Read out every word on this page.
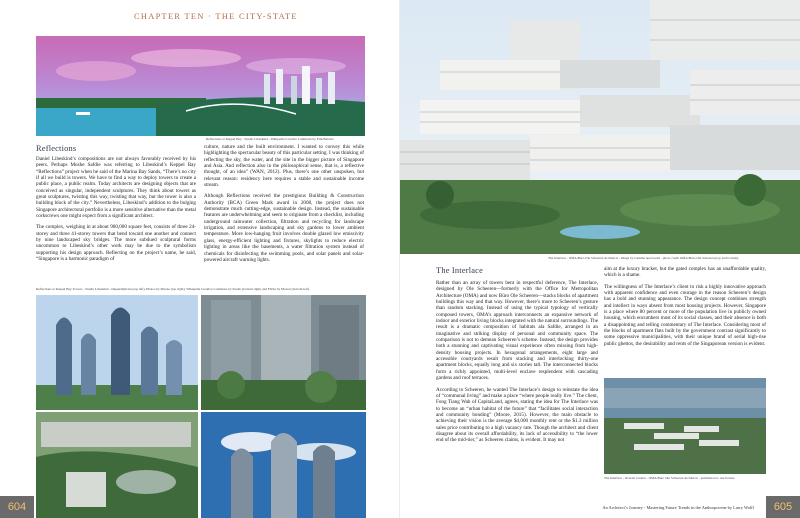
CHAPTER TEN · THE CITY-STATE
Reflections at Keppel Bay - Studio Libeskind - Wikipedia Creative Commons by Erik Baluvic
Reflections

Daniel Libeskind’s compositions are not always favorably received by his peers. Perhaps Moshe Safdie was referring to Libeskind’s Keppel Bay “Reflections” project when he said of the Marina Bay Sands, “There’s no city if all we build is towers. We have to find a way to deploy towers to create a public place, a public realm. Today architects are designing objects that are conceived as singular, independent sculptures. They think about towers as great sculptures, twisting this way, twisting that way, but the tower is also a building block of the city.” Nevertheless, Libeskind’s addition to the bulging Singapore architectural portfolio is a more sensitive alternative than the metal corkscrews one might expect from a significant architect.

The complex, weighing in at about 900,000 square feet, consists of three 24-storey and three 41-storey towers that bend toward one another and connect by nine landscaped sky bridges. The more subdued sculptural forms uncommon to Libeskind’s other work may be due to the symbolism supporting his design approach. Reflecting on the project’s name, he said, “Singapore is a harmonic paradigm of

culture, nature and the built environment. I wanted to convey this while highlighting the spectacular beauty of this particular setting. I was thinking of reflecting the sky, the water, and the site in the bigger picture of Singapore and Asia. And reflection also in the philosophical sense, that is, a reflective thought, of an idea” (WAN, 2012). Plus, there’s one other unspoken, but relevant reason: residency here requires a stable and sustainable income stream.

Although Reflections received the prestigious Building & Construction Authority (BCA) Green Mark award in 2008, the project does not demonstrate much cutting-edge, sustainable design. Instead, the sustainable features are underwhelming and seem to originate from a checklist, including underground rainwater collection, filtration and recycling for landscape irrigation, and extensive landscaping and sky gardens to lower ambient temperature. More low-hanging fruit involves double glazed low emissivity glass, energy-efficient lighting and fixtures, skylights to reduce electric lighting in areas like the basements, a water filtration system instead of chemicals for disinfecting the swimming pools, and solar panels and solar-powered aircraft warning lights.

Reflections at Keppel Bay Towers - Studio Libeskind - Dependiplicies (top left), Photos by Mzone (top right), Wikipedia Creative Commons by Studio (bottom right) and Flickr by Moxon (bottom left).
604
The Interlace - OMA/Buro Ole Scheeren Architects - image by Gemma newsroom - photo credit OMA/Buro Ole Scheeren (top and bottom).
The Interlace

Rather than an array of towers bent in respectful deference, The Interlace, designed by Ole Scheeren—formerly with the Office for Metropolitan Architecture (OMA) and now Büro Ole Scheeren—stacks blocks of apartment buildings this way and that way. However, there’s more to Scheeren’s gesture than random stacking. Instead of using the typical typology of vertically composed towers, OMA’s approach interconnects an expansive network of indoor and exterior living blocks integrated with the natural surroundings. The result is a dramatic composition of habitats ala Safdie, arranged in an imaginative and striking display of personal and community space. The comparison is not to demean Scheeren’s scheme. Instead, the design provides both a stunning and captivating visual experience often missing from high-density housing projects. In hexagonal arrangements, eight large and accessible courtyards result from stacking and interlocking thirty-one apartment blocks, equally long and six stories tall. The interconnected blocks form a richly appointed, multi-level enclave resplendent with cascading gardens and roof terraces.

According to Scheeren, he wanted The Interlace’s design to reinstate the idea of “communal living” and make a place “where people really live.” The client, Fong Tiang Wah of CapitaLand, agrees, stating the idea for The Interlace was to become an “urban habitat of the future” that “facilitates social interaction and community bonding” (Moore, 2015). However, the main obstacle to achieving their vision is the average $4,000 monthly rent or the $1.3 million sales price contributing to a high vacancy rate. Though the architect and client disagree about its overall affordability, its lack of accessibility to “the lower end of the mid-tier,” as Scheeren claims, is evident. It may not

aim at the luxury bracket, but the gated complex has an unaffordable quality, which is a shame.

The willingness of The Interlace’s client to risk a highly innovative approach with apparent confidence and even courage in the reason Scheeren’s design has a bold and stunning appearance. The design concept combines strength and intellect in ways absent from most housing projects. However, Singapore is a place where 80 percent or more of the population live in publicly owned housing, which encumbers most of its social classes, and their absence is both a disappointing and telling commentary of The Interlace. Considering most of the blocks of apartment flats built by the government contrast significantly to some oppressive municipalities, with their unique brand of serial high-rise public ghettos, the desirability and rents of the Singaporean version is evident.

The Interlace - Overall context - OMA/Buro Ole Scheeren Architects - permission to use license
An Architect’s Journey - Mastering Future Trends in the Anthropocene by Larry Wolff	605
